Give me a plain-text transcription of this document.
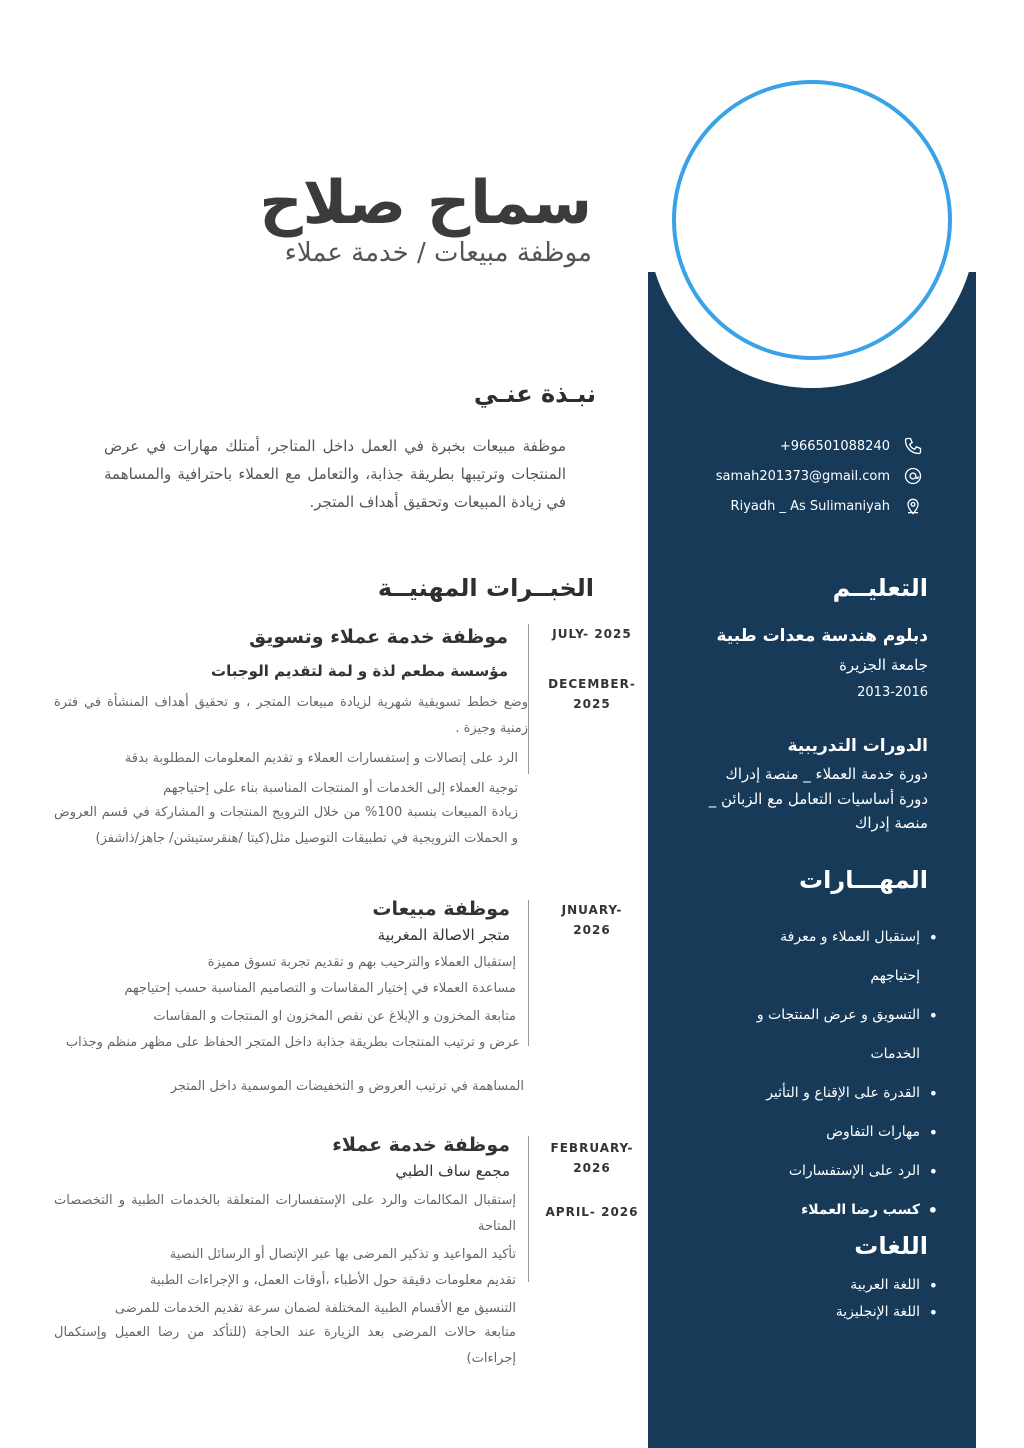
سماح صلاح
موظفة مبيعات / خدمة عملاء
نبـذة عنـي
موظفة مبيعات بخبرة في العمل داخل المتاجر، أمتلك مهارات في عرض المنتجات وترتيبها بطريقة جذابة، والتعامل مع العملاء باحترافية والمساهمة في زيادة المبيعات وتحقيق أهداف المتجر.
+966501088240
samah201373@gmail.com
Riyadh _ As Sulimaniyah
التعليــم
دبلوم هندسة معدات طبية
جامعة الجزيرة
2013-2016
الدورات التدريبية
دورة خدمة العملاء _ منصة إدراك
دورة أساسيات التعامل مع الزبائن _
منصة إدراك
المهـــارات
• إستقبال العملاء و معرفة
إحتياجهم
• التسويق و عرض المنتجات و
الخدمات
• القدرة على الإقناع و التأثير
• مهارات التفاوض
• الرد على الإستفسارات
• كسب رضا العملاء
اللغات
• اللغة العربية
• اللغة الإنجليزية
الخبــرات المهنيــة
JULY- 2025
DECEMBER-
2025
موظفة خدمة عملاء وتسويق
مؤسسة مطعم لذة و لمة لتقديم الوجبات
وضع خطط تسويقية شهرية لزيادة مبيعات المتجر ، و تحقيق أهداف المنشأة في فترة زمنية وجيزة .
الرد على إتصالات و إستفسارات العملاء و تقديم المعلومات المطلوبة بدقة
توجية العملاء إلى الخدمات أو المنتجات المناسبة بناء على إحتياجهم
زيادة المبيعات بنسبة 100% من خلال الترويج المنتجات و المشاركة في قسم العروض و الحملات الترويجية في تطبيقات التوصيل مثل(كيتا /هنقرستيشن/ جاهز/ذاشفز)
JNUARY-
2026
موظفة مبيعات
متجر الاصالة المغربية
إستقبال العملاء والترحيب بهم و تقديم تجربة تسوق مميزة
مساعدة العملاء في إختيار المقاسات و التصاميم المناسبة حسب إحتياجهم
متابعة المخزون و الإبلاغ عن نقص المخزون او المنتجات و المقاسات
عرض و ترتيب المنتجات بطريقة جذابة داخل المتجر الحفاظ على مظهر منظم وجذاب
المساهمة في ترتيب العروض و التخفيضات الموسمية داخل المتجر
FEBRUARY-
2026
APRIL- 2026
موظفة خدمة عملاء
مجمع ساف الطبي
إستقبال المكالمات والرد على الإستفسارات المتعلقة بالخدمات الطبية و التخصصات المتاحة
تأكيد المواعيد و تذكير المرضى بها عبر الإتصال أو الرسائل النصية
تقديم معلومات دقيقة حول الأطباء ،أوقات العمل، و الإجراءات الطبية
التنسيق مع الأقسام الطبية المختلفة لضمان سرعة تقديم الخدمات للمرضى
متابعة حالات المرضى بعد الزيارة عند الحاجة (للتأكد من رضا العميل وإستكمال إجراءات)
